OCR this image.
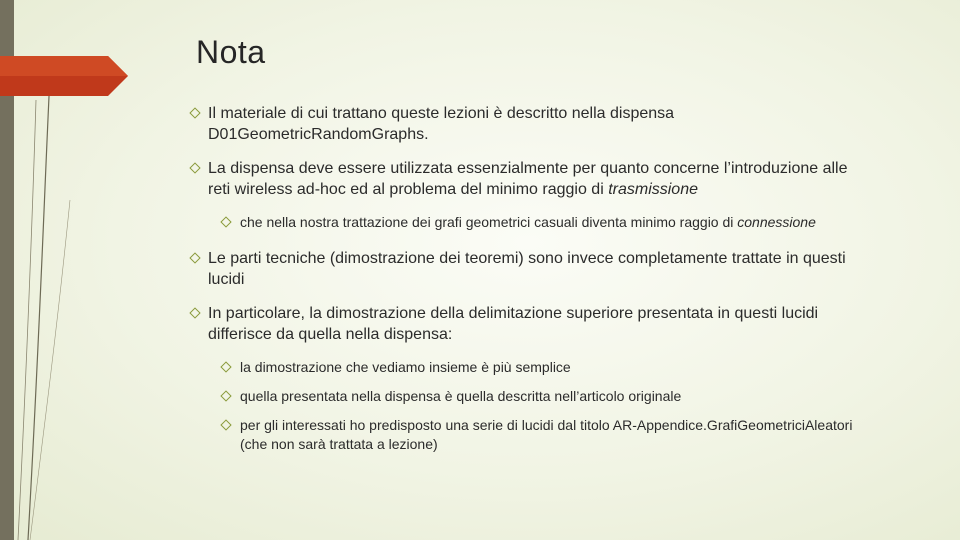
Nota
Il materiale di cui trattano queste lezioni è descritto nella dispensa D01GeometricRandomGraphs.
La dispensa deve essere utilizzata essenzialmente per quanto concerne l’introduzione alle reti wireless ad-hoc ed al problema del minimo raggio di trasmissione
che nella nostra trattazione dei grafi geometrici casuali diventa minimo raggio di connessione
Le parti tecniche (dimostrazione dei teoremi) sono invece completamente trattate in questi lucidi
In particolare, la dimostrazione della delimitazione superiore presentata in questi lucidi differisce da quella nella dispensa:
la dimostrazione che vediamo insieme è più semplice
quella presentata nella dispensa è quella descritta nell’articolo originale
per gli interessati ho predisposto una serie di lucidi dal titolo AR-Appendice.GrafiGeometriciAleatori (che non sarà trattata a lezione)
